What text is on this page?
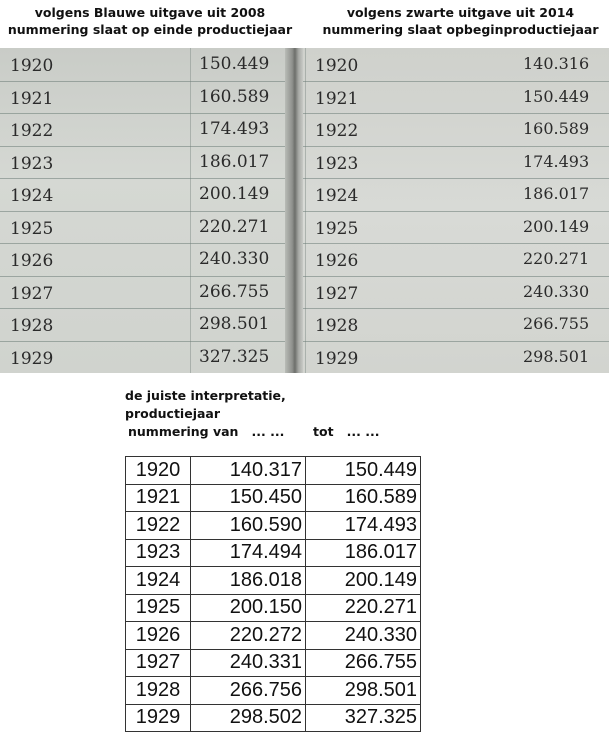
volgens Blauwe uitgave uit 2008
nummering slaat op einde productiejaar
volgens zwarte uitgave uit 2014
nummering slaat opbeginproductiejaar
1920	150.449
1921	160.589
1922	174.493
1923	186.017
1924	200.149
1925	220.271
1926	240.330
1927	266.755
1928	298.501
1929	327.325
1920	140.316
1921	150.449
1922	160.589
1923	174.493
1924	186.017
1925	200.149
1926	220.271
1927	240.330
1928	266.755
1929	298.501
de juiste interpretatie,
productiejaar
nummering van   ... ...	tot   ... ...
1920	140.317	150.449
1921	150.450	160.589
1922	160.590	174.493
1923	174.494	186.017
1924	186.018	200.149
1925	200.150	220.271
1926	220.272	240.330
1927	240.331	266.755
1928	266.756	298.501
1929	298.502	327.325
